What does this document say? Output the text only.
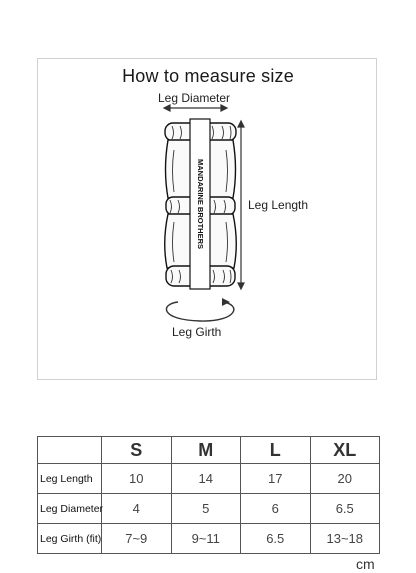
How to measure size
MANDARINE BROTHERS
Leg Diameter
Leg Length
Leg Girth
	S	M	L	XL
Leg Length	10	14	17	20
Leg Diameter	4	5	6	6.5
Leg Girth (fit)	7~9	9~11	6.5	13~18
cm
